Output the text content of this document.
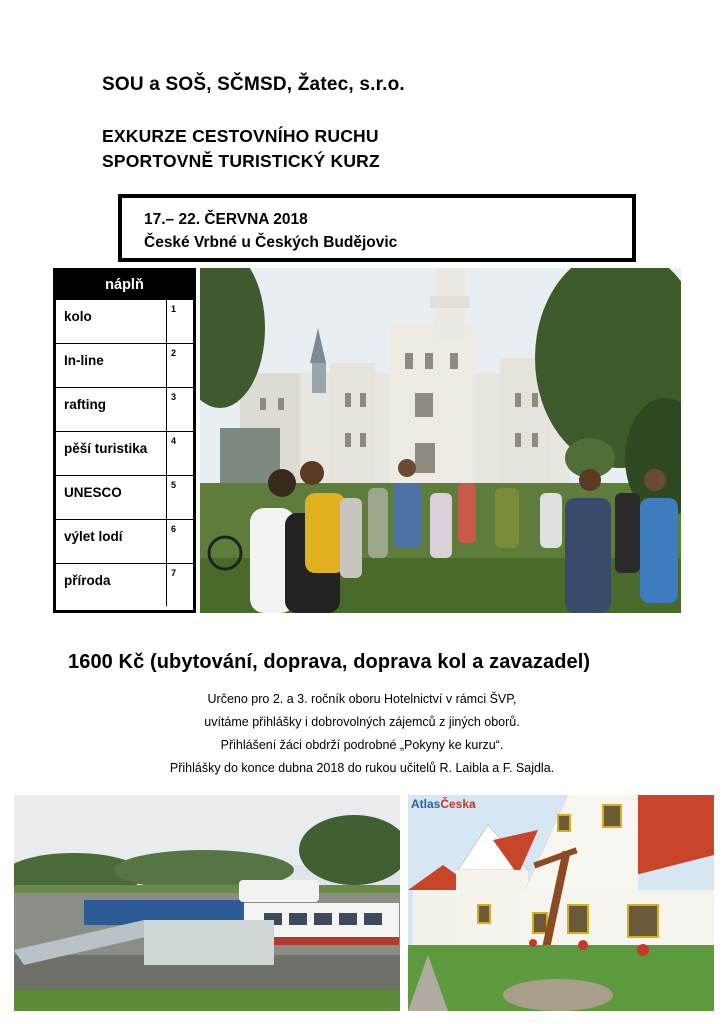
SOU a SOŠ, SČMSD, Žatec, s.r.o.
EXKURZE CESTOVNÍHO RUCHU
SPORTOVNĚ TURISTICKÝ KURZ
17.– 22. ČERVNA 2018
České Vrbné u Českých Budějovic
náplň
kolo	1
In-line	2
rafting	3
pěší turistika	4
UNESCO	5
výlet lodí	6
příroda	7
1600 Kč (ubytování, doprava, doprava kol a zavazadel)
Určeno pro 2. a 3. ročník oboru Hotelnictví v rámci ŠVP,
uvítáme přihlášky i dobrovolných zájemců z jiných oborů.
Přihlášení žáci obdrží podrobné „Pokyny ke kurzu“.
Přihlášky do konce dubna 2018 do rukou učitelů R. Laibla a F. Sajdla.
AtlasČeska
